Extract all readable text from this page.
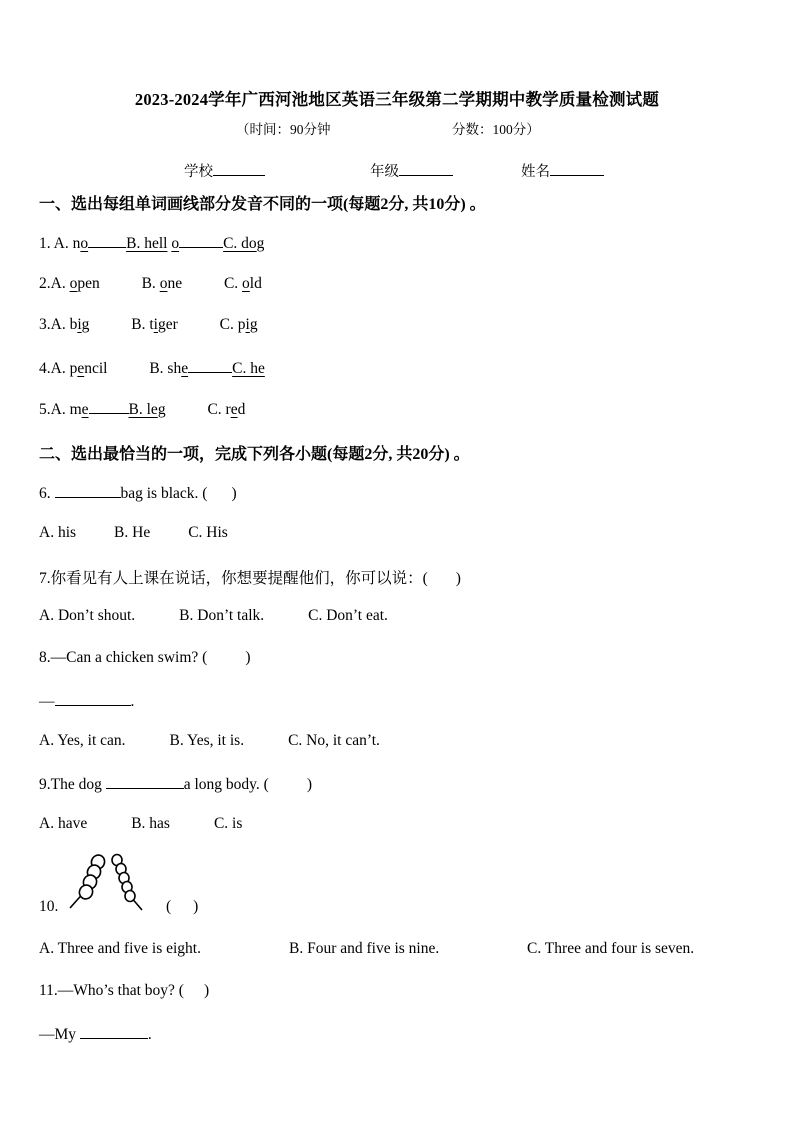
2023-2024学年广西河池地区英语三年级第二学期期中教学质量检测试题
（时间：90分钟	分数：100分）
学校	年级	姓名
一、选出每组单词画线部分发音不同的一项(每题2分, 共10分) 。
1. A. no B. hell o	C. dog
2.A. open	B. one	C. old
3.A. big	B. tiger	C. pig
4.A. pencil	B. she	C. he
5.A. me	B. leg	C. red
二、选出最恰当的一项，完成下列各小题(每题2分, 共20分) 。
6.	bag is black. ( )
A. his B. He C. His
7.你看见有人上课在说话，你想要提醒他们，你可以说：( )
A. Don’t shout.	B. Don’t talk.	C. Don’t eat.
8.—Can a chicken swim? ( )
—	.
A. Yes, it can.	B. Yes, it is.	C. No, it can’t.
9.The dog	a long body. ( )
A. have	B. has	C. is
10.	( )
A. Three and five is eight.	B. Four and five is nine.	C. Three and four is seven.
11.—Who’s that boy? ( )
—My	.
